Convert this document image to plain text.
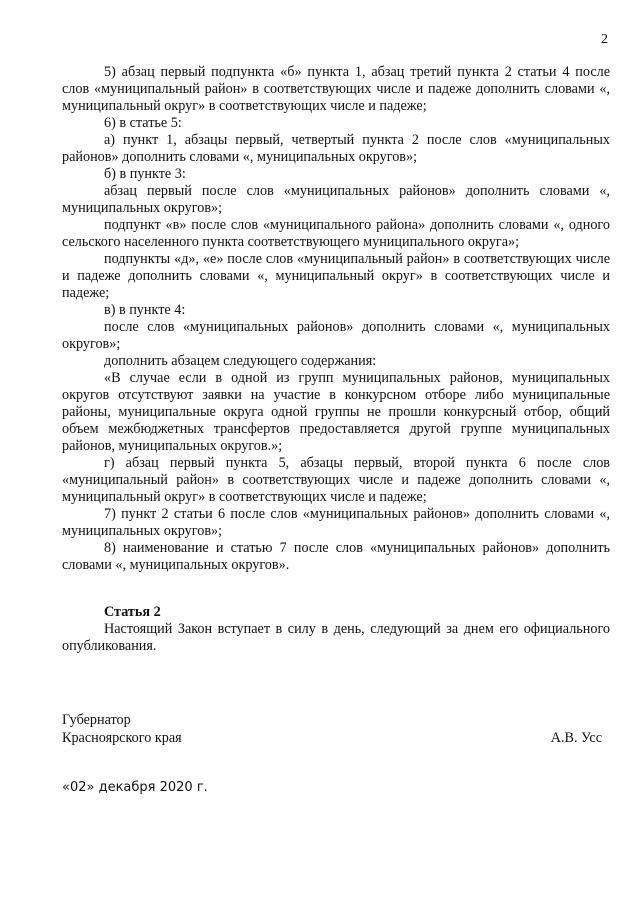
2

5) абзац первый подпункта «б» пункта 1, абзац третий пункта 2 статьи 4 после слов «муниципальный район» в соответствующих числе и падеже дополнить словами «, муниципальный округ» в соответствующих числе и падеже;

6) в статье 5:

а) пункт 1, абзацы первый, четвертый пункта 2 после слов «муниципальных районов» дополнить словами «, муниципальных округов»;

б) в пункте 3:

абзац первый после слов «муниципальных районов» дополнить словами «, муниципальных округов»;

подпункт «в» после слов «муниципального района» дополнить словами «, одного сельского населенного пункта соответствующего муниципального округа»;

подпункты «д», «е» после слов «муниципальный район» в соответствующих числе и падеже дополнить словами «, муниципальный округ» в соответствующих числе и падеже;

в) в пункте 4:

после слов «муниципальных районов» дополнить словами «, муниципальных округов»;

дополнить абзацем следующего содержания:

«В случае если в одной из групп муниципальных районов, муниципальных округов отсутствуют заявки на участие в конкурсном отборе либо муниципальные районы, муниципальные округа одной группы не прошли конкурсный отбор, общий объем межбюджетных трансфертов предоставляется другой группе муниципальных районов, муниципальных округов.»;

г) абзац первый пункта 5, абзацы первый, второй пункта 6 после слов «муниципальный район» в соответствующих числе и падеже дополнить словами «, муниципальный округ» в соответствующих числе и падеже;

7) пункт 2 статьи 6 после слов «муниципальных районов» дополнить словами «, муниципальных округов»;

8) наименование и статью 7 после слов «муниципальных районов» дополнить словами «, муниципальных округов».

Статья 2

Настоящий Закон вступает в силу в день, следующий за днем его официального опубликования.

Губернатор
Красноярского края	А.В. Усс
«02» декабря 2020 г.
